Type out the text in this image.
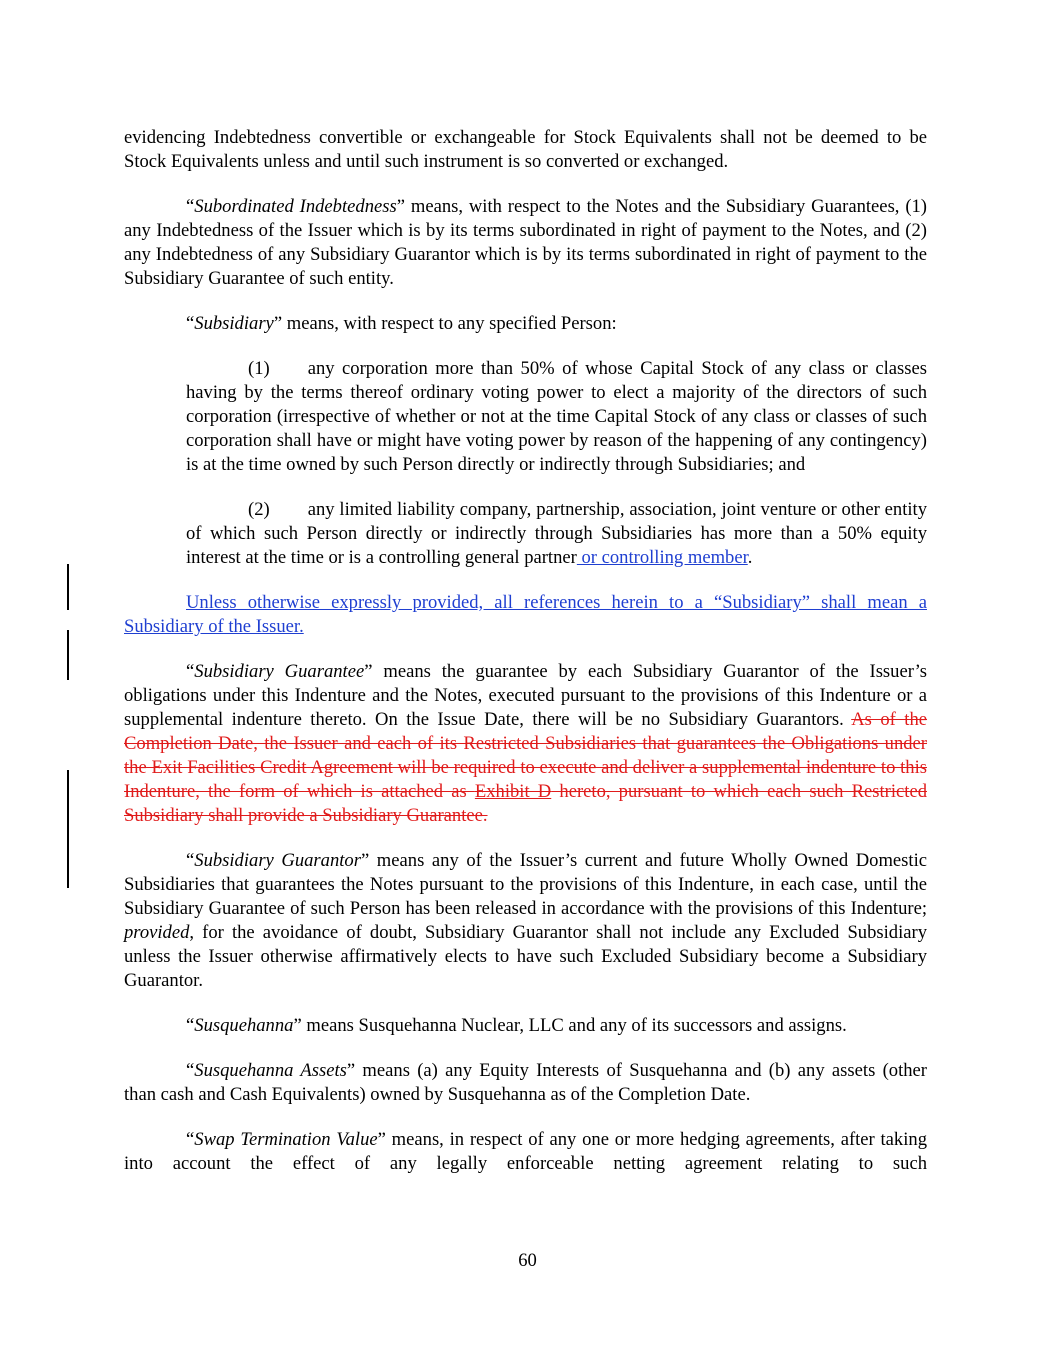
evidencing Indebtedness convertible or exchangeable for Stock Equivalents shall not be deemed to be Stock Equivalents unless and until such instrument is so converted or exchanged.

“Subordinated Indebtedness” means, with respect to the Notes and the Subsidiary Guarantees, (1) any Indebtedness of the Issuer which is by its terms subordinated in right of payment to the Notes, and (2) any Indebtedness of any Subsidiary Guarantor which is by its terms subordinated in right of payment to the Subsidiary Guarantee of such entity.

“Subsidiary” means, with respect to any specified Person:

(1) any corporation more than 50% of whose Capital Stock of any class or classes having by the terms thereof ordinary voting power to elect a majority of the directors of such corporation (irrespective of whether or not at the time Capital Stock of any class or classes of such corporation shall have or might have voting power by reason of the happening of any contingency) is at the time owned by such Person directly or indirectly through Subsidiaries; and

(2) any limited liability company, partnership, association, joint venture or other entity of which such Person directly or indirectly through Subsidiaries has more than a 50% equity interest at the time or is a controlling general partner or controlling member.

Unless otherwise expressly provided, all references herein to a “Subsidiary” shall mean a Subsidiary of the Issuer.

“Subsidiary Guarantee” means the guarantee by each Subsidiary Guarantor of the Issuer’s obligations under this Indenture and the Notes, executed pursuant to the provisions of this Indenture or a supplemental indenture thereto. On the Issue Date, there will be no Subsidiary Guarantors. As of the Completion Date, the Issuer and each of its Restricted Subsidiaries that guarantees the Obligations under the Exit Facilities Credit Agreement will be required to execute and deliver a supplemental indenture to this Indenture, the form of which is attached as Exhibit D hereto, pursuant to which each such Restricted Subsidiary shall provide a Subsidiary Guarantee.

“Subsidiary Guarantor” means any of the Issuer’s current and future Wholly Owned Domestic Subsidiaries that guarantees the Notes pursuant to the provisions of this Indenture, in each case, until the Subsidiary Guarantee of such Person has been released in accordance with the provisions of this Indenture; provided, for the avoidance of doubt, Subsidiary Guarantor shall not include any Excluded Subsidiary unless the Issuer otherwise affirmatively elects to have such Excluded Subsidiary become a Subsidiary Guarantor.

“Susquehanna” means Susquehanna Nuclear, LLC and any of its successors and assigns.

“Susquehanna Assets” means (a) any Equity Interests of Susquehanna and (b) any assets (other than cash and Cash Equivalents) owned by Susquehanna as of the Completion Date.

“Swap Termination Value” means, in respect of any one or more hedging agreements, after taking into account the effect of any legally enforceable netting agreement relating to such

60
